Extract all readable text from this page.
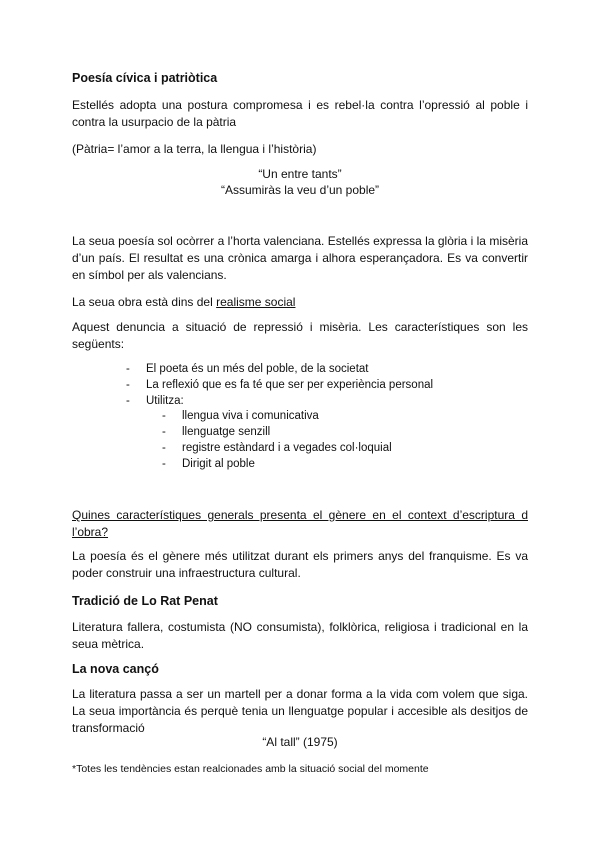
Poesía cívica i patriòtica

Estellés adopta una postura compromesa i es rebel·la contra l’opressió al poble i contra la usurpacio de la pàtria

(Pàtria= l’amor a la terra, la llengua i l’història)

“Un entre tants”
“Assumiràs la veu d’un poble”

La seua poesía sol ocòrrer a l’horta valenciana. Estellés expressa la glòria i la misèria d’un país. El resultat es una crònica amarga i alhora esperançadora. Es va convertir en símbol per als valencians.

La seua obra està dins del realisme social

Aquest denuncia a situació de repressió i misèria. Les característiques son les següents:

- El poeta és un més del poble, de la societat
- La reflexió que es fa té que ser per experiència personal
- Utilitza:
- llengua viva i comunicativa
- llenguatge senzill
- registre estàndard i a vegades col·loquial
- Dirigit al poble

Quines característiques generals presenta el gènere en el context d’escriptura d l’obra?

La poesía és el gènere més utilitzat durant els primers anys del franquisme. Es va poder construir una infraestructura cultural.

Tradició de Lo Rat Penat

Literatura fallera, costumista (NO consumista), folklòrica, religiosa i tradicional en la seua mètrica.

La nova cançó

La literatura passa a ser un martell per a donar forma a la vida com volem que siga. La seua importància és perquè tenia un llenguatge popular i accesible als desitjos de transformació

“Al tall” (1975)
*Totes les tendències estan realcionades amb la situació social del momente
